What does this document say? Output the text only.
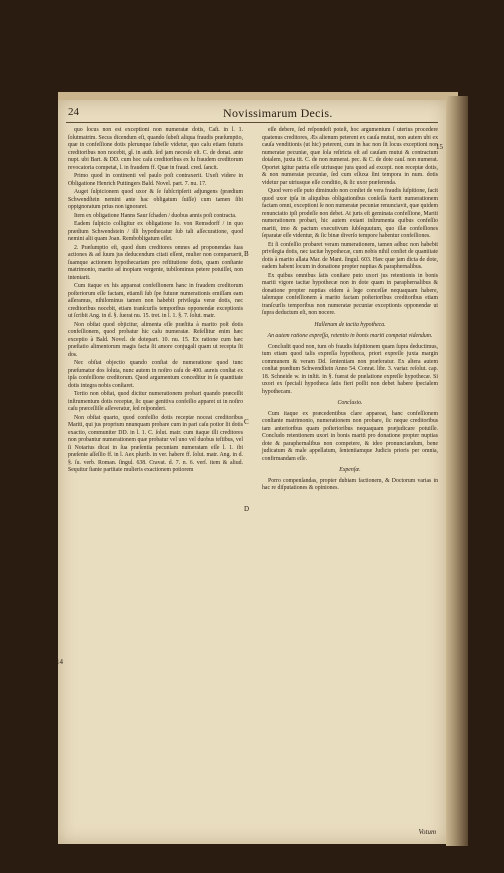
24	Novissimarum Decis.

quo locus non est exceptioni non numeratæ dotis, Caſt. in l. 1. ſolutmatrim. Secus dicendum eſt, quando ſubeſt aliqua fraudis præſumptio, quæ in confeſſione dotis plerunque ſubeſſe videtur, quo caſu etiam futuris creditoribus non nocebit, gl. in auth. ſed jam necesſe eſt. C. de donat. ante nupt. ubi Bart. & DD. cum hoc caſu creditoribus ex lu fraudem creditorum revocatoria competat, l. in fraudem ff. Quæ in fraud. cred. ſancit.

Primo quod in continenti vel paulo poſt contraxerit. Uxeſt videre in Obligatione Henrich Puttingers Bald. Novel. part. 7. nu. 17.

Auget ſuſpicionem quod uxor & ſe ſubſcripſerit adjungens (prædium Schwendſtein nemini ante hac obligatum ſuiſſe) cum tamen ſibi oppignoratum prius non ignoraret.

Item ex obligatione Hanns Saur ſchaden / duobus annis poſt contracta.

Eadem ſuſpicio colligitur ex obligatione Io. von Remsdorff / in quo prædium Schwendstein / illi hypothecatur ſub tali aſſecuratione, quod nemini alii quam Joan. Rembobligatum eſſet.

2. Præſumptio eſt, quod dum creditores omnes ad proponendas ſuas actiones & ad ſuum jus deducendum citati eſſent, mulier non comparuerit, ſuamque actionem hypothecariam pro reſtitutione dotis, quam conſtante matrimonio, marito ad inopiam vergente, tubilominus petere potuiſſet, non intentarit.

Cum itaque ex his appareat confeſſionem hanc in fraudem creditorum poſteriorum eſſe factam, etiamſi ſub ſpe futuræ numerationis emiſſam eam aſſeramus, nihilominus tamen non habebit privilegia veræ dotis, nec creditoribus nocebit, etiam tranſcurſis temporibus opponendæ exceptionis ut ſcribit Ang. in d. §. ſuerat nu. 15. tret. in l. 1. §. 7. ſolut. matr.

Non obſtat quod objicitur, alimenta eſſe præſtita à marito poſt dotis confeſſionem, quod probatur hic caſu numeratæ. Reſellitur enim hæc exceptio à Bald. Novel. de dotepart. 10. nu. 15. Ex ratione cum hæc præſtatio alimentorum magis facta ſit amore conjugali quam ut recepta ſit dos.

Nec obſtat objectio quando conſtat de numeratione quod tunc præſumatur dos ſoluta, nunc autem in noſtro caſu de 400. aureis conſtat ex ipſa confeſſione creditorum. Quod argumentum conceditur in ſe quantitate dotis integra nobis conſtaret.

Tertio non obſtat, quod dicitur numerationem probari quando præceſſit inſtrumentum dotis receptæ, ſic quae genitiva confeſſio apparet ut in noſtro caſu præceſſiſſe aſſeveratur, ſed reſponderi.

Non obſtat quarto, quod confeſſio dotis receptæ noceat creditoribus Mariti, qui jus proprium nnunquam probare cum in pari caſu potior ſit dotis exactio, communiter DD. in l. 1. C. ſolut. matr. cum itaque illi creditores non probantur numerationem quæ probatur vel uno vel duobus teſtibus, vel ſi Notarius dicat in ſua præſentia pecuniam numeratam eſſe l. 1. ibi præſente aſſeſſio ff. in l. Aex plurib. in ver. habere ff. ſolut. matr. Ang. in d. §. ſu. verb. Roman. ſingul. 638. Cravat. d. 7. n. 6. verſ. item & aliud. Sequitur ſtante partitate mulieris exactionem potiorem

eſſe debere, ſed reſpondeſt poteſt, hoc argumentum ſ uterius procedere quatenus creditores, Æs alienum peterent ex cauſa mutui, non autem ubi ex cauſa venditionis (ut hic) peterent, cum in hac non ſit locus exceptioni non numeratæ pecuniæ, quæ ſola reſtricta eſt ad cauſam mutui & contractum dotalem, juxta tit. C. de non numerat. pec. & C. de dote cauſ. non numerat. Oportet igitur patria eſſe utriusque jura quod ad except. non receptæ dotis, & non numeratæ pecuniæ, ſed cum eſſuxa ſint tempora in num. dotis videtur par utriusque eſſe conditio, & ſic uxor præferenda.

Quod vero eſſe puto diminudo non conſtet de vera fraudis ſuſpitione, facit quod uxor ipſa in aliquibus obligationibus conſeſſa fuerit numerationem factam omni, exceptioni ſe non numeratæ pecuniæ renunciavit, quæ quidem renunciatio ipſi prodeſſe non debet. At juris eſt geminata confeſſione, Mariti numerationem probari, hic autem extant inſtrumenta quibus confeſſio mariti, imo & pactum executivum ſubſequutum, quo illæ confeſſiones ſeparatæ eſſe videntur, & ſic binæ diverſo tempore habentur confeſſiones.

Et ſi confeſſio probaret veram numerationem, tamen adhuc non habebit privilegia dotis, nec tacitæ hypothecæ, cum nobis nihil conſtet de quantitate dotis à marito allata Mar. de Mant. ſingul. 603. Hæc quæ jam dicta de dote, eadem habent locum in donatione propter nuptias & paraphernalibus.

Ex quibus omnibus ſatis conſtare puto uxori jus retentionis in bonis mariti vigore tacitæ hypothecæ non in dote quam in paraphernalibus & donatione propter nuptias eidem à lege conceſſæ nequaquam habere, talemque confeſſionem à marito factam poſterioribus creditoribus etiam tranſcurſis temporibus non numeratæ pecuniæ exceptionis opponendæ ut ſupra deductum eſt, non nocere.

Hallenum de tacita hypotheca.

An autem ratione expreſſa, retentio in bonis mariti competat videndum.

Concludit quod non, tum ob fraudis ſuſpitionem quam ſupra deductimus, tum etiam quod talis expreſſa hypotheca, priori expreſſe juxta margin communem & veram Dd. ſententiam non præferatur. Ex altera autem conſtat prædium Schwendſtein Anno 54. Conrat. libr. 3. variar. reſolut. cap. 18. Schneide w. in inſtit. in §. fuerat de prælatione expreſſe hypothecæ. Si uxori ex ſpeciali hypotheca ſatis fieri poſſit non debet habere ſpecialem hypothecam.

Conclusio.

Cum itaque ex præcedentibus clare appareat, hanc confeſſionem conſtante matrimonio, numerationem non probare, ſic neque creditoribus tam anterioribus quam poſterioribus nequaquam præjudicare potuiſſe. Concludo retentionem uxori in bonis mariti pro donatione propter nuptias dote & paraphernalibus non competere, & ideo pronunciandum, bene judicatum & male appellatum, ſententiamque Judicis prioris per omnia, confirmandam eſſe.

Expenſæ.

Porro compenſandas, propter dubiam factionem, & Doctorum varias in hac re diſputationes & opiniones.

14
15
B
C
D
Votum
